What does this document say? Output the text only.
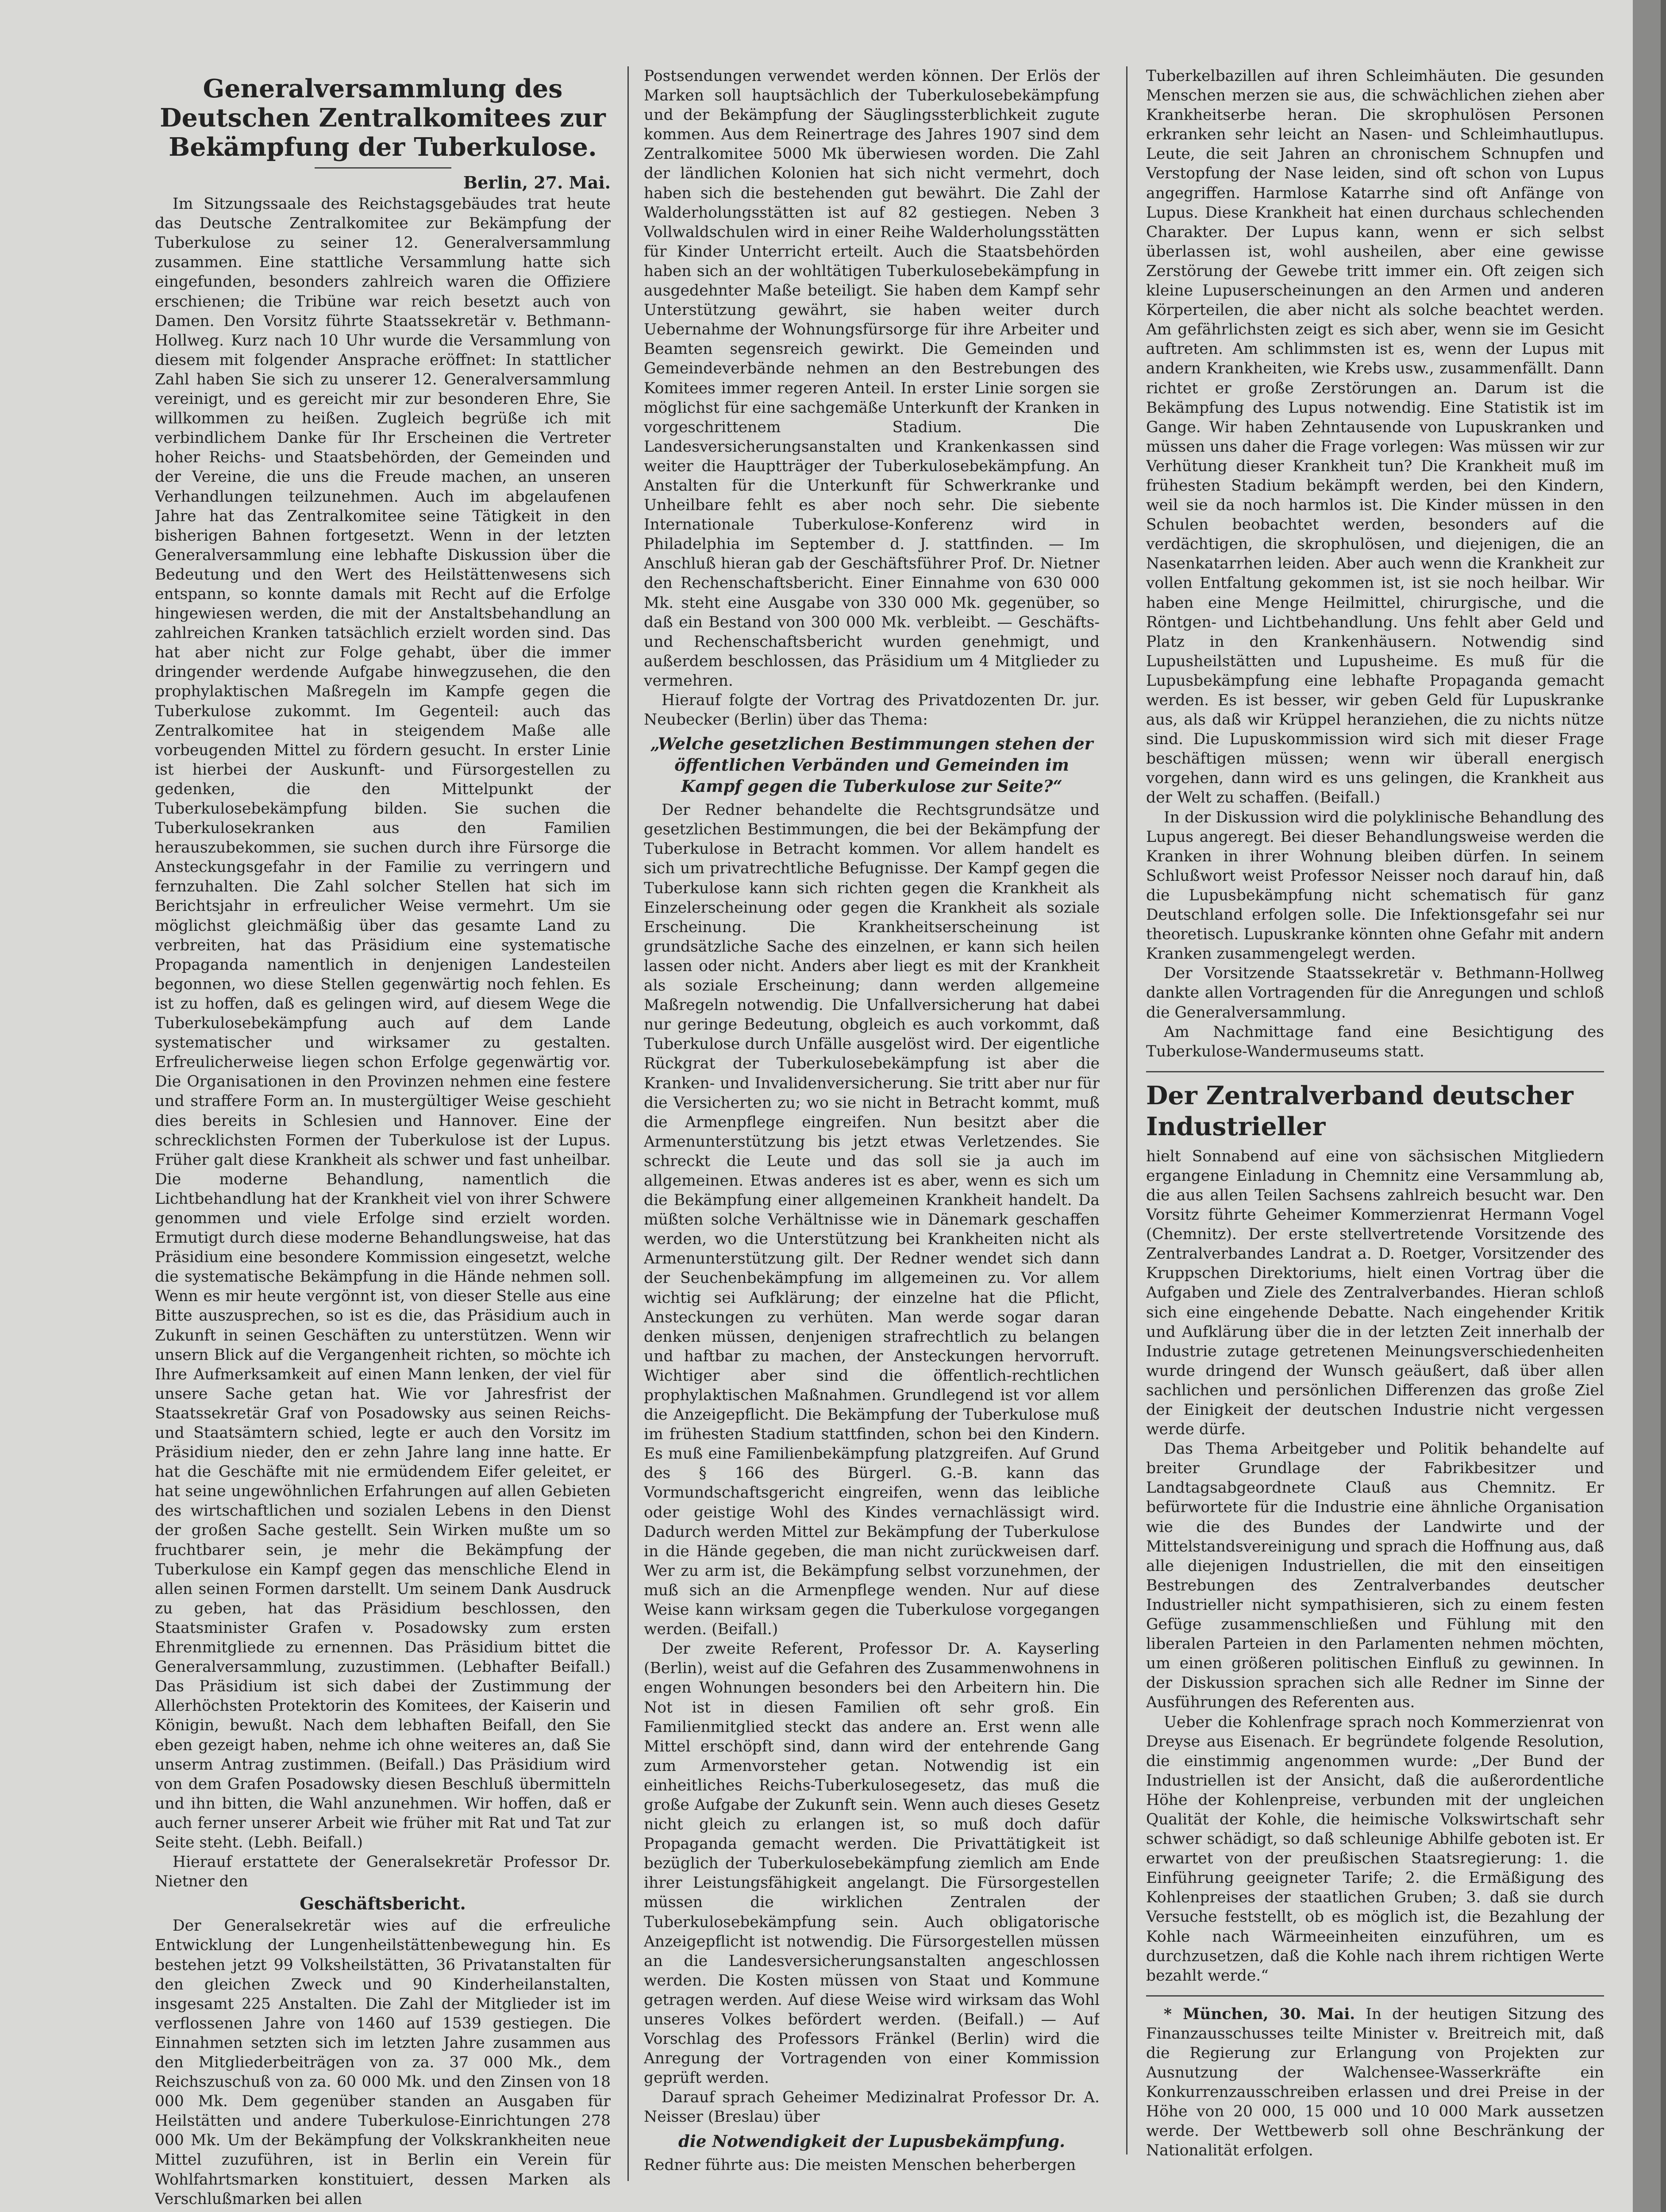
Generalversammlung des Deutschen Zentralkomitees zur Bekämpfung der Tuberkulose.

Berlin, 27. Mai.

Im Sitzungssaale des Reichstagsgebäudes trat heute das Deutsche Zentralkomitee zur Bekämpfung der Tuberkulose zu seiner 12. Generalversammlung zusammen. Eine stattliche Versammlung hatte sich eingefunden, besonders zahlreich waren die Offiziere erschienen; die Tribüne war reich besetzt auch von Damen. Den Vorsitz führte Staatssekretär v. Bethmann-Hollweg. Kurz nach 10 Uhr wurde die Versammlung von diesem mit folgender Ansprache eröffnet: In stattlicher Zahl haben Sie sich zu unserer 12. Generalversammlung vereinigt, und es gereicht mir zur besonderen Ehre, Sie willkommen zu heißen. Zugleich begrüße ich mit verbindlichem Danke für Ihr Erscheinen die Vertreter hoher Reichs- und Staatsbehörden, der Gemeinden und der Vereine, die uns die Freude machen, an unseren Verhandlungen teilzunehmen. Auch im abgelaufenen Jahre hat das Zentralkomitee seine Tätigkeit in den bisherigen Bahnen fortgesetzt. Wenn in der letzten Generalversammlung eine lebhafte Diskussion über die Bedeutung und den Wert des Heilstättenwesens sich entspann, so konnte damals mit Recht auf die Erfolge hingewiesen werden, die mit der Anstaltsbehandlung an zahlreichen Kranken tatsächlich erzielt worden sind. Das hat aber nicht zur Folge gehabt, über die immer dringender werdende Aufgabe hinwegzusehen, die den prophylaktischen Maßregeln im Kampfe gegen die Tuberkulose zukommt. Im Gegenteil: auch das Zentralkomitee hat in steigendem Maße alle vorbeugenden Mittel zu fördern gesucht. In erster Linie ist hierbei der Auskunft- und Fürsorgestellen zu gedenken, die den Mittelpunkt der Tuberkulosebekämpfung bilden. Sie suchen die Tuberkulosekranken aus den Familien herauszubekommen, sie suchen durch ihre Fürsorge die Ansteckungsgefahr in der Familie zu verringern und fernzuhalten. Die Zahl solcher Stellen hat sich im Berichtsjahr in erfreulicher Weise vermehrt. Um sie möglichst gleichmäßig über das gesamte Land zu verbreiten, hat das Präsidium eine systematische Propaganda namentlich in denjenigen Landesteilen begonnen, wo diese Stellen gegenwärtig noch fehlen. Es ist zu hoffen, daß es gelingen wird, auf diesem Wege die Tuberkulosebekämpfung auch auf dem Lande systematischer und wirksamer zu gestalten. Erfreulicherweise liegen schon Erfolge gegenwärtig vor. Die Organisationen in den Provinzen nehmen eine festere und straffere Form an. In mustergültiger Weise geschieht dies bereits in Schlesien und Hannover. Eine der schrecklichsten Formen der Tuberkulose ist der Lupus. Früher galt diese Krankheit als schwer und fast unheilbar. Die moderne Behandlung, namentlich die Lichtbehandlung hat der Krankheit viel von ihrer Schwere genommen und viele Erfolge sind erzielt worden. Ermutigt durch diese moderne Behandlungsweise, hat das Präsidium eine besondere Kommission eingesetzt, welche die systematische Bekämpfung in die Hände nehmen soll. Wenn es mir heute vergönnt ist, von dieser Stelle aus eine Bitte auszusprechen, so ist es die, das Präsidium auch in Zukunft in seinen Geschäften zu unterstützen. Wenn wir unsern Blick auf die Vergangenheit richten, so möchte ich Ihre Aufmerksamkeit auf einen Mann lenken, der viel für unsere Sache getan hat. Wie vor Jahresfrist der Staatssekretär Graf von Posadowsky aus seinen Reichs- und Staatsämtern schied, legte er auch den Vorsitz im Präsidium nieder, den er zehn Jahre lang inne hatte. Er hat die Geschäfte mit nie ermüdendem Eifer geleitet, er hat seine ungewöhnlichen Erfahrungen auf allen Gebieten des wirtschaftlichen und sozialen Lebens in den Dienst der großen Sache gestellt. Sein Wirken mußte um so fruchtbarer sein, je mehr die Bekämpfung der Tuberkulose ein Kampf gegen das menschliche Elend in allen seinen Formen darstellt. Um seinem Dank Ausdruck zu geben, hat das Präsidium beschlossen, den Staatsminister Grafen v. Posadowsky zum ersten Ehrenmitgliede zu ernennen. Das Präsidium bittet die Generalversammlung, zuzustimmen. (Lebhafter Beifall.) Das Präsidium ist sich dabei der Zustimmung der Allerhöchsten Protektorin des Komitees, der Kaiserin und Königin, bewußt. Nach dem lebhaften Beifall, den Sie eben gezeigt haben, nehme ich ohne weiteres an, daß Sie unserm Antrag zustimmen. (Beifall.) Das Präsidium wird von dem Grafen Posadowsky diesen Beschluß übermitteln und ihn bitten, die Wahl anzunehmen. Wir hoffen, daß er auch ferner unserer Arbeit wie früher mit Rat und Tat zur Seite steht. (Lebh. Beifall.)

Hierauf erstattete der Generalsekretär Professor Dr. Nietner den

Geschäftsbericht.

Der Generalsekretär wies auf die erfreuliche Entwicklung der Lungenheilstättenbewegung hin. Es bestehen jetzt 99 Volksheilstätten, 36 Privatanstalten für den gleichen Zweck und 90 Kinderheilanstalten, insgesamt 225 Anstalten. Die Zahl der Mitglieder ist im verflossenen Jahre von 1460 auf 1539 gestiegen. Die Einnahmen setzten sich im letzten Jahre zusammen aus den Mitgliederbeiträgen von za. 37 000 Mk., dem Reichszuschuß von za. 60 000 Mk. und den Zinsen von 18 000 Mk. Dem gegenüber standen an Ausgaben für Heilstätten und andere Tuberkulose-Einrichtungen 278 000 Mk. Um der Bekämpfung der Volkskrankheiten neue Mittel zuzuführen, ist in Berlin ein Verein für Wohlfahrtsmarken konstituiert, dessen Marken als Verschlußmarken bei allen

Postsendungen verwendet werden können. Der Erlös der Marken soll hauptsächlich der Tuberkulosebekämpfung und der Bekämpfung der Säuglingssterblichkeit zugute kommen. Aus dem Reinertrage des Jahres 1907 sind dem Zentralkomitee 5000 Mk überwiesen worden. Die Zahl der ländlichen Kolonien hat sich nicht vermehrt, doch haben sich die bestehenden gut bewährt. Die Zahl der Walderholungsstätten ist auf 82 gestiegen. Neben 3 Vollwaldschulen wird in einer Reihe Walderholungsstätten für Kinder Unterricht erteilt. Auch die Staatsbehörden haben sich an der wohltätigen Tuberkulosebekämpfung in ausgedehnter Maße beteiligt. Sie haben dem Kampf sehr Unterstützung gewährt, sie haben weiter durch Uebernahme der Wohnungsfürsorge für ihre Arbeiter und Beamten segensreich gewirkt. Die Gemeinden und Gemeindeverbände nehmen an den Bestrebungen des Komitees immer regeren Anteil. In erster Linie sorgen sie möglichst für eine sachgemäße Unterkunft der Kranken in vorgeschrittenem Stadium. Die Landesversicherungsanstalten und Krankenkassen sind weiter die Hauptträger der Tuberkulosebekämpfung. An Anstalten für die Unterkunft für Schwerkranke und Unheilbare fehlt es aber noch sehr. Die siebente Internationale Tuberkulose-Konferenz wird in Philadelphia im September d. J. stattfinden. — Im Anschluß hieran gab der Geschäftsführer Prof. Dr. Nietner den Rechenschaftsbericht. Einer Einnahme von 630 000 Mk. steht eine Ausgabe von 330 000 Mk. gegenüber, so daß ein Bestand von 300 000 Mk. verbleibt. — Geschäfts- und Rechenschaftsbericht wurden genehmigt, und außerdem beschlossen, das Präsidium um 4 Mitglieder zu vermehren.

Hierauf folgte der Vortrag des Privatdozenten Dr. jur. Neubecker (Berlin) über das Thema:

„Welche gesetzlichen Bestimmungen stehen der öffentlichen Verbänden und Gemeinden im Kampf gegen die Tuberkulose zur Seite?“

Der Redner behandelte die Rechtsgrundsätze und gesetzlichen Bestimmungen, die bei der Bekämpfung der Tuberkulose in Betracht kommen. Vor allem handelt es sich um privatrechtliche Befugnisse. Der Kampf gegen die Tuberkulose kann sich richten gegen die Krankheit als Einzelerscheinung oder gegen die Krankheit als soziale Erscheinung. Die Krankheitserscheinung ist grundsätzliche Sache des einzelnen, er kann sich heilen lassen oder nicht. Anders aber liegt es mit der Krankheit als soziale Erscheinung; dann werden allgemeine Maßregeln notwendig. Die Unfallversicherung hat dabei nur geringe Bedeutung, obgleich es auch vorkommt, daß Tuberkulose durch Unfälle ausgelöst wird. Der eigentliche Rückgrat der Tuberkulosebekämpfung ist aber die Kranken- und Invalidenversicherung. Sie tritt aber nur für die Versicherten zu; wo sie nicht in Betracht kommt, muß die Armenpflege eingreifen. Nun besitzt aber die Armenunterstützung bis jetzt etwas Verletzendes. Sie schreckt die Leute und das soll sie ja auch im allgemeinen. Etwas anderes ist es aber, wenn es sich um die Bekämpfung einer allgemeinen Krankheit handelt. Da müßten solche Verhältnisse wie in Dänemark geschaffen werden, wo die Unterstützung bei Krankheiten nicht als Armenunterstützung gilt. Der Redner wendet sich dann der Seuchenbekämpfung im allgemeinen zu. Vor allem wichtig sei Aufklärung; der einzelne hat die Pflicht, Ansteckungen zu verhüten. Man werde sogar daran denken müssen, denjenigen strafrechtlich zu belangen und haftbar zu machen, der Ansteckungen hervorruft. Wichtiger aber sind die öffentlich-rechtlichen prophylaktischen Maßnahmen. Grundlegend ist vor allem die Anzeigepflicht. Die Bekämpfung der Tuberkulose muß im frühesten Stadium stattfinden, schon bei den Kindern. Es muß eine Familienbekämpfung platzgreifen. Auf Grund des § 166 des Bürgerl. G.-B. kann das Vormundschaftsgericht eingreifen, wenn das leibliche oder geistige Wohl des Kindes vernachlässigt wird. Dadurch werden Mittel zur Bekämpfung der Tuberkulose in die Hände gegeben, die man nicht zurückweisen darf. Wer zu arm ist, die Bekämpfung selbst vorzunehmen, der muß sich an die Armenpflege wenden. Nur auf diese Weise kann wirksam gegen die Tuberkulose vorgegangen werden. (Beifall.)

Der zweite Referent, Professor Dr. A. Kayserling (Berlin), weist auf die Gefahren des Zusammenwohnens in engen Wohnungen besonders bei den Arbeitern hin. Die Not ist in diesen Familien oft sehr groß. Ein Familienmitglied steckt das andere an. Erst wenn alle Mittel erschöpft sind, dann wird der entehrende Gang zum Armenvorsteher getan. Notwendig ist ein einheitliches Reichs-Tuberkulosegesetz, das muß die große Aufgabe der Zukunft sein. Wenn auch dieses Gesetz nicht gleich zu erlangen ist, so muß doch dafür Propaganda gemacht werden. Die Privattätigkeit ist bezüglich der Tuberkulosebekämpfung ziemlich am Ende ihrer Leistungsfähigkeit angelangt. Die Fürsorgestellen müssen die wirklichen Zentralen der Tuberkulosebekämpfung sein. Auch obligatorische Anzeigepflicht ist notwendig. Die Fürsorgestellen müssen an die Landesversicherungsanstalten angeschlossen werden. Die Kosten müssen von Staat und Kommune getragen werden. Auf diese Weise wird wirksam das Wohl unseres Volkes befördert werden. (Beifall.) — Auf Vorschlag des Professors Fränkel (Berlin) wird die Anregung der Vortragenden von einer Kommission geprüft werden.

Darauf sprach Geheimer Medizinalrat Professor Dr. A. Neisser (Breslau) über

die Notwendigkeit der Lupusbekämpfung.

Redner führte aus: Die meisten Menschen beherbergen

Tuberkelbazillen auf ihren Schleimhäuten. Die gesunden Menschen merzen sie aus, die schwächlichen ziehen aber Krankheitserbe heran. Die skrophulösen Personen erkranken sehr leicht an Nasen- und Schleimhautlupus. Leute, die seit Jahren an chronischem Schnupfen und Verstopfung der Nase leiden, sind oft schon von Lupus angegriffen. Harmlose Katarrhe sind oft Anfänge von Lupus. Diese Krankheit hat einen durchaus schlechenden Charakter. Der Lupus kann, wenn er sich selbst überlassen ist, wohl ausheilen, aber eine gewisse Zerstörung der Gewebe tritt immer ein. Oft zeigen sich kleine Lupuserscheinungen an den Armen und anderen Körperteilen, die aber nicht als solche beachtet werden. Am gefährlichsten zeigt es sich aber, wenn sie im Gesicht auftreten. Am schlimmsten ist es, wenn der Lupus mit andern Krankheiten, wie Krebs usw., zusammenfällt. Dann richtet er große Zerstörungen an. Darum ist die Bekämpfung des Lupus notwendig. Eine Statistik ist im Gange. Wir haben Zehntausende von Lupuskranken und müssen uns daher die Frage vorlegen: Was müssen wir zur Verhütung dieser Krankheit tun? Die Krankheit muß im frühesten Stadium bekämpft werden, bei den Kindern, weil sie da noch harmlos ist. Die Kinder müssen in den Schulen beobachtet werden, besonders auf die verdächtigen, die skrophulösen, und diejenigen, die an Nasenkatarrhen leiden. Aber auch wenn die Krankheit zur vollen Entfaltung gekommen ist, ist sie noch heilbar. Wir haben eine Menge Heilmittel, chirurgische, und die Röntgen- und Lichtbehandlung. Uns fehlt aber Geld und Platz in den Krankenhäusern. Notwendig sind Lupusheilstätten und Lupusheime. Es muß für die Lupusbekämpfung eine lebhafte Propaganda gemacht werden. Es ist besser, wir geben Geld für Lupuskranke aus, als daß wir Krüppel heranziehen, die zu nichts nütze sind. Die Lupuskommission wird sich mit dieser Frage beschäftigen müssen; wenn wir überall energisch vorgehen, dann wird es uns gelingen, die Krankheit aus der Welt zu schaffen. (Beifall.)

In der Diskussion wird die polyklinische Behandlung des Lupus angeregt. Bei dieser Behandlungsweise werden die Kranken in ihrer Wohnung bleiben dürfen. In seinem Schlußwort weist Professor Neisser noch darauf hin, daß die Lupusbekämpfung nicht schematisch für ganz Deutschland erfolgen solle. Die Infektionsgefahr sei nur theoretisch. Lupuskranke könnten ohne Gefahr mit andern Kranken zusammengelegt werden.

Der Vorsitzende Staatssekretär v. Bethmann-Hollweg dankte allen Vortragenden für die Anregungen und schloß die Generalversammlung.

Am Nachmittage fand eine Besichtigung des Tuberkulose-Wandermuseums statt.

Der Zentralverband deutscher Industrieller

hielt Sonnabend auf eine von sächsischen Mitgliedern ergangene Einladung in Chemnitz eine Versammlung ab, die aus allen Teilen Sachsens zahlreich besucht war. Den Vorsitz führte Geheimer Kommerzienrat Hermann Vogel (Chemnitz). Der erste stellvertretende Vorsitzende des Zentralverbandes Landrat a. D. Roetger, Vorsitzender des Kruppschen Direktoriums, hielt einen Vortrag über die Aufgaben und Ziele des Zentralverbandes. Hieran schloß sich eine eingehende Debatte. Nach eingehender Kritik und Aufklärung über die in der letzten Zeit innerhalb der Industrie zutage getretenen Meinungsverschiedenheiten wurde dringend der Wunsch geäußert, daß über allen sachlichen und persönlichen Differenzen das große Ziel der Einigkeit der deutschen Industrie nicht vergessen werde dürfe.

Das Thema Arbeitgeber und Politik behandelte auf breiter Grundlage der Fabrikbesitzer und Landtagsabgeordnete Clauß aus Chemnitz. Er befürwortete für die Industrie eine ähnliche Organisation wie die des Bundes der Landwirte und der Mittelstandsvereinigung und sprach die Hoffnung aus, daß alle diejenigen Industriellen, die mit den einseitigen Bestrebungen des Zentralverbandes deutscher Industrieller nicht sympathisieren, sich zu einem festen Gefüge zusammenschließen und Fühlung mit den liberalen Parteien in den Parlamenten nehmen möchten, um einen größeren politischen Einfluß zu gewinnen. In der Diskussion sprachen sich alle Redner im Sinne der Ausführungen des Referenten aus.

Ueber die Kohlenfrage sprach noch Kommerzienrat von Dreyse aus Eisenach. Er begründete folgende Resolution, die einstimmig angenommen wurde: „Der Bund der Industriellen ist der Ansicht, daß die außerordentliche Höhe der Kohlenpreise, verbunden mit der ungleichen Qualität der Kohle, die heimische Volkswirtschaft sehr schwer schädigt, so daß schleunige Abhilfe geboten ist. Er erwartet von der preußischen Staatsregierung: 1. die Einführung geeigneter Tarife; 2. die Ermäßigung des Kohlenpreises der staatlichen Gruben; 3. daß sie durch Versuche feststellt, ob es möglich ist, die Bezahlung der Kohle nach Wärmeeinheiten einzuführen, um es durchzusetzen, daß die Kohle nach ihrem richtigen Werte bezahlt werde.“

* München, 30. Mai. In der heutigen Sitzung des Finanzausschusses teilte Minister v. Breitreich mit, daß die Regierung zur Erlangung von Projekten zur Ausnutzung der Walchensee-Wasserkräfte ein Konkurrenzausschreiben erlassen und drei Preise in der Höhe von 20 000, 15 000 und 10 000 Mark aussetzen werde. Der Wettbewerb soll ohne Beschränkung der Nationalität erfolgen.
